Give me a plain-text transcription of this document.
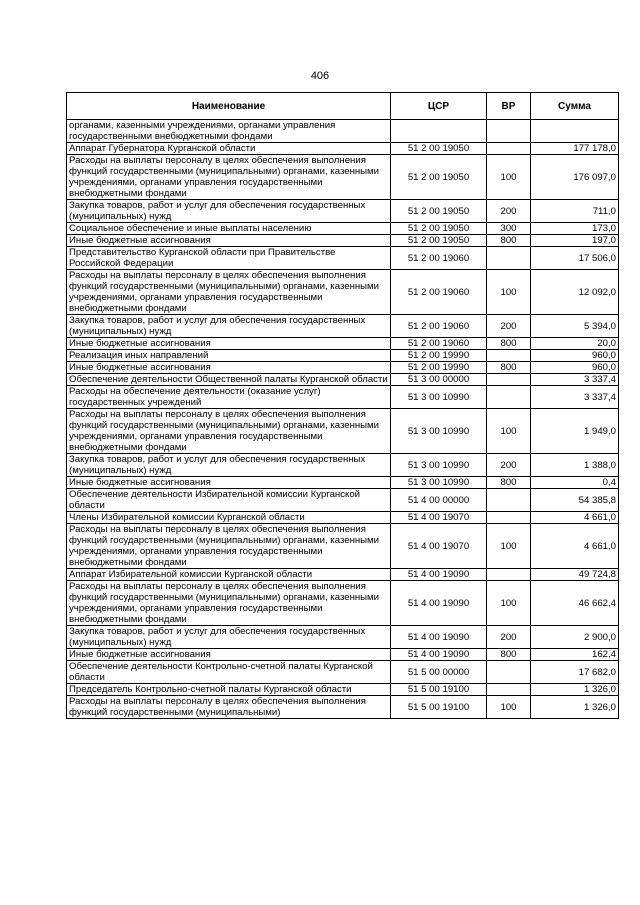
406
Наименование	ЦСР	ВР	Сумма
органами, казенными учреждениями, органами управления государственными внебюджетными фондами			
Аппарат Губернатора Курганской области	51 2 00 19050		177 178,0
Расходы на выплаты персоналу в целях обеспечения выполнения функций государственными (муниципальными) органами, казенными учреждениями, органами управления государственными внебюджетными фондами	51 2 00 19050	100	176 097,0
Закупка товаров, работ и услуг для обеспечения государственных (муниципальных) нужд	51 2 00 19050	200	711,0
Социальное обеспечение и иные выплаты населению	51 2 00 19050	300	173,0
Иные бюджетные ассигнования	51 2 00 19050	800	197,0
Представительство Курганской области при Правительстве Российской Федерации	51 2 00 19060		17 506,0
Расходы на выплаты персоналу в целях обеспечения выполнения функций государственными (муниципальными) органами, казенными учреждениями, органами управления государственными внебюджетными фондами	51 2 00 19060	100	12 092,0
Закупка товаров, работ и услуг для обеспечения государственных (муниципальных) нужд	51 2 00 19060	200	5 394,0
Иные бюджетные ассигнования	51 2 00 19060	800	20,0
Реализация иных направлений	51 2 00 19990		960,0
Иные бюджетные ассигнования	51 2 00 19990	800	960,0
Обеспечение деятельности Общественной палаты Курганской области	51 3 00 00000		3 337,4
Расходы на обеспечение деятельности (оказание услуг) государственных учреждений	51 3 00 10990		3 337,4
Расходы на выплаты персоналу в целях обеспечения выполнения функций государственными (муниципальными) органами, казенными учреждениями, органами управления государственными внебюджетными фондами	51 3 00 10990	100	1 949,0
Закупка товаров, работ и услуг для обеспечения государственных (муниципальных) нужд	51 3 00 10990	200	1 388,0
Иные бюджетные ассигнования	51 3 00 10990	800	0,4
Обеспечение деятельности Избирательной комиссии Курганской области	51 4 00 00000		54 385,8
Члены Избирательной комиссии Курганской области	51 4 00 19070		4 661,0
Расходы на выплаты персоналу в целях обеспечения выполнения функций государственными (муниципальными) органами, казенными учреждениями, органами управления государственными внебюджетными фондами	51 4 00 19070	100	4 661,0
Аппарат Избирательной комиссии Курганской области	51 4 00 19090		49 724,8
Расходы на выплаты персоналу в целях обеспечения выполнения функций государственными (муниципальными) органами, казенными учреждениями, органами управления государственными внебюджетными фондами	51 4 00 19090	100	46 662,4
Закупка товаров, работ и услуг для обеспечения государственных (муниципальных) нужд	51 4 00 19090	200	2 900,0
Иные бюджетные ассигнования	51 4 00 19090	800	162,4
Обеспечение деятельности Контрольно-счетной палаты Курганской области	51 5 00 00000		17 682,0
Председатель Контрольно-счетной палаты Курганской области	51 5 00 19100		1 326,0
Расходы на выплаты персоналу в целях обеспечения выполнения функций государственными (муниципальными)	51 5 00 19100	100	1 326,0
